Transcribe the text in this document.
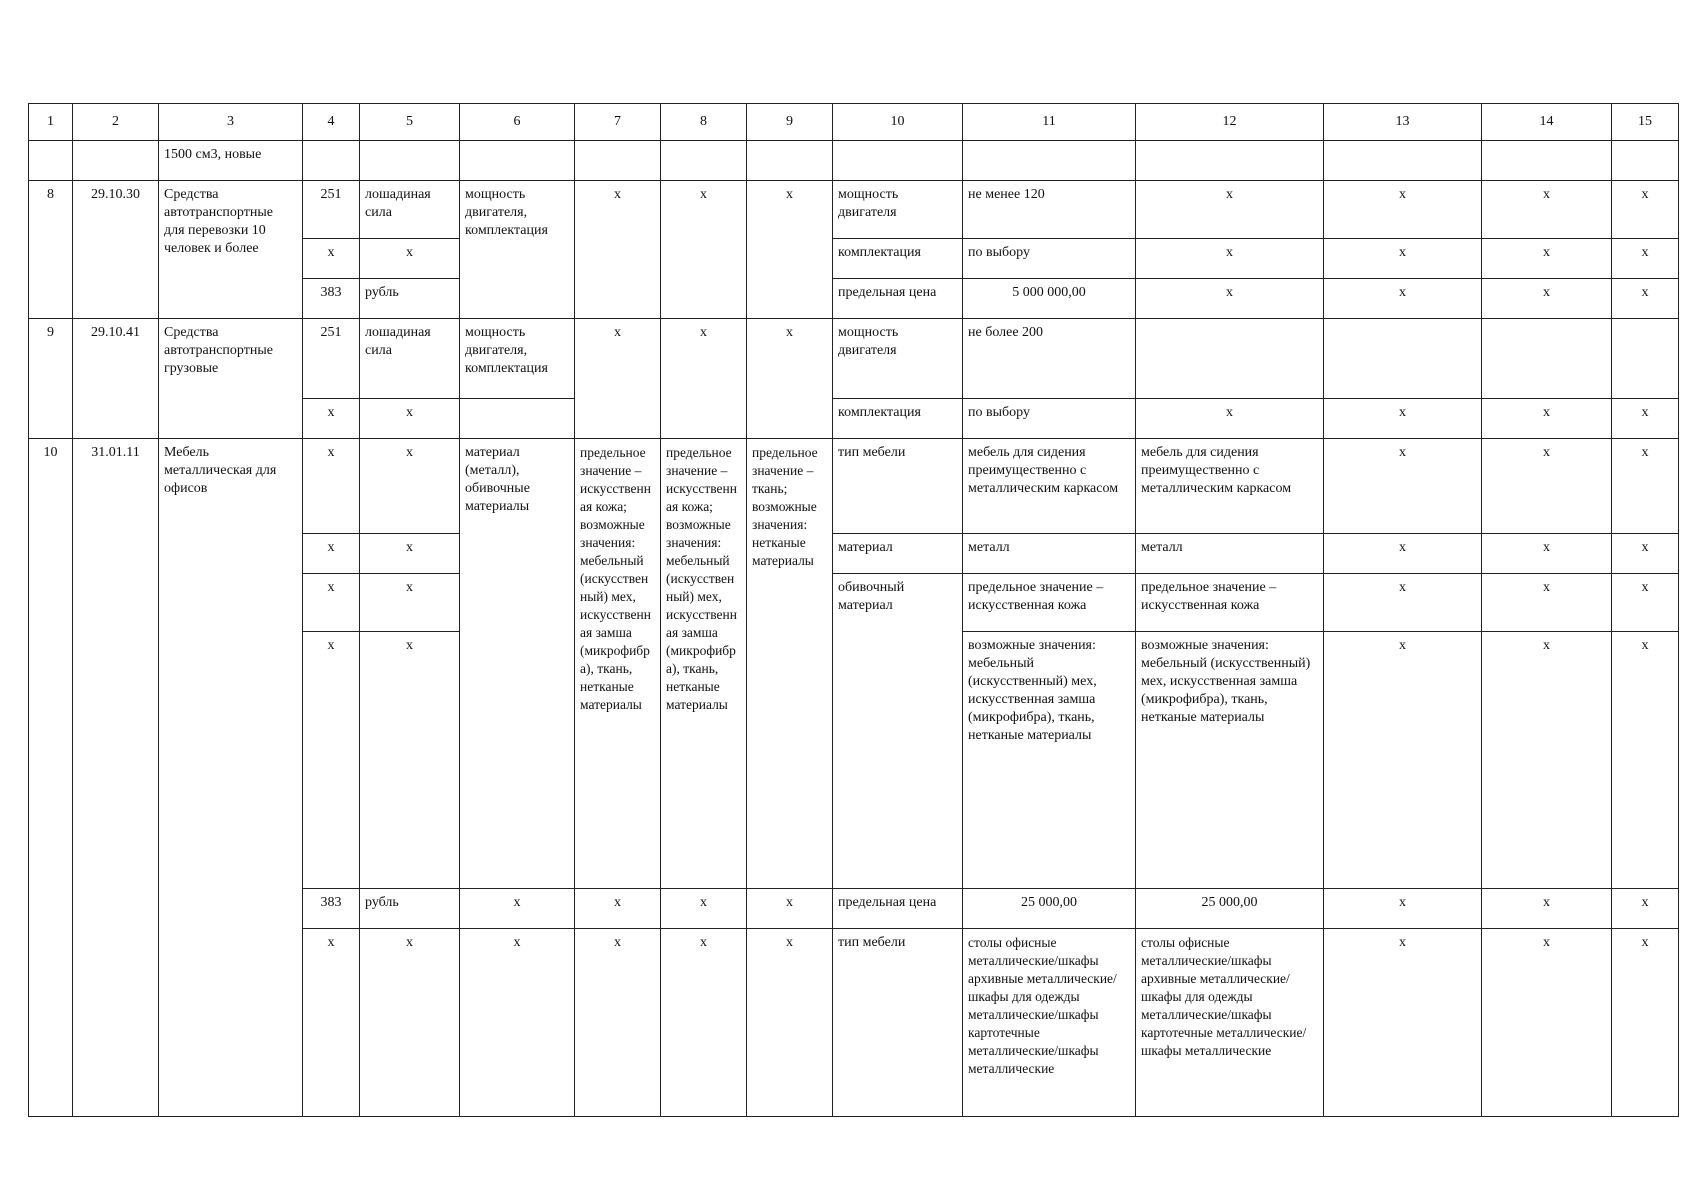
1	2	3	4	5	6	7	8	9	10	11	12	13	14	15
		1500 см3, новые												
8	29.10.30	Средства автотранспортные для перевозки 10 человек и более	251	лошадиная сила	мощность двигателя, комплектация	x	x	x	мощность двигателя	не менее 120	x	x	x	x
			x	x					комплектация	по выбору	x	x	x	x
			383	рубль					предельная цена	5 000 000,00	x	x	x	x
9	29.10.41	Средства автотранспортные грузовые	251	лошадиная сила	мощность двигателя, комплектация	x	x	x	мощность двигателя	не более 200				
			x	x					комплектация	по выбору	x	x	x	x
10	31.01.11	Мебель металлическая для офисов	x	x	материал (металл), обивочные материалы	предельное значение – искусственная кожа; возможные значения: мебельный (искусственный) мех, искусственная замша (микрофибра), ткань, нетканые материалы	предельное значение – искусственная кожа; возможные значения: мебельный (искусственный) мех, искусственная замша (микрофибра), ткань, нетканые материалы	предельное значение – ткань; возможные значения: нетканые материалы	тип мебели	мебель для сидения преимущественно с металлическим каркасом	мебель для сидения преимущественно с металлическим каркасом	x	x	x
			x	x					материал	металл	металл	x	x	x
			x	x					обивочный материал	предельное значение – искусственная кожа	предельное значение – искусственная кожа	x	x	x
			x	x						возможные значения: мебельный (искусственный) мех, искусственная замша (микрофибра), ткань, нетканые материалы	возможные значения: мебельный (искусственный) мех, искусственная замша (микрофибра), ткань, нетканые материалы	x	x	x
			383	рубль	x	x	x	x	предельная цена	25 000,00	25 000,00	x	x	x
			x	x	x	x	x	x	тип мебели	столы офисные металлические/шкафы архивные металлические/шкафы для одежды металлические/шкафы картотечные металлические/шкафы металлические	столы офисные металлические/шкафы архивные металлические/шкафы для одежды металлические/шкафы картотечные металлические/шкафы металлические	x	x	x
